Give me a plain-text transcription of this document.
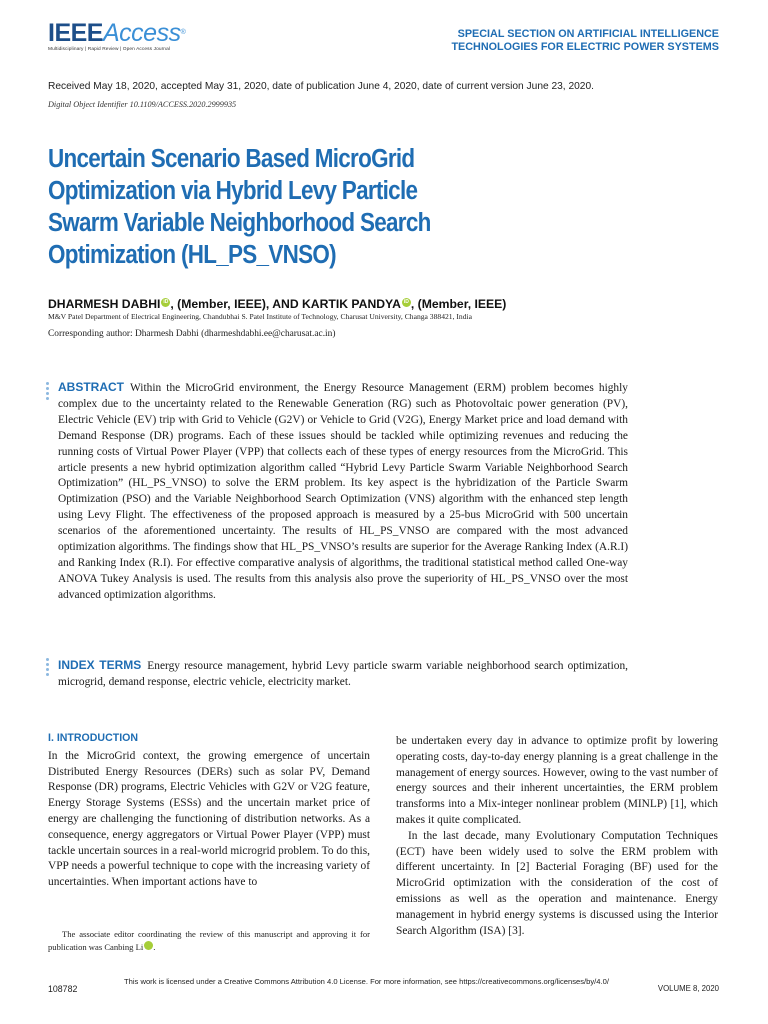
IEEEAccess®
Multidisciplinary | Rapid Review | Open Access Journal
SPECIAL SECTION ON ARTIFICIAL INTELLIGENCE
TECHNOLOGIES FOR ELECTRIC POWER SYSTEMS
Received May 18, 2020, accepted May 31, 2020, date of publication June 4, 2020, date of current version June 23, 2020.
Digital Object Identifier 10.1109/ACCESS.2020.2999935
Uncertain Scenario Based MicroGrid
Optimization via Hybrid Levy Particle
Swarm Variable Neighborhood Search
Optimization (HL_PS_VNSO)
DHARMESH DABHI iD , (Member, IEEE), AND KARTIK PANDYA iD , (Member, IEEE)
M&V Patel Department of Electrical Engineering, Chandubhai S. Patel Institute of Technology, Charusat University, Changa 388421, India
Corresponding author: Dharmesh Dabhi (dharmeshdabhi.ee@charusat.ac.in)

ABSTRACT Within the MicroGrid environment, the Energy Resource Management (ERM) problem becomes highly complex due to the uncertainty related to the Renewable Generation (RG) such as Photovoltaic power generation (PV), Electric Vehicle (EV) trip with Grid to Vehicle (G2V) or Vehicle to Grid (V2G), Energy Market price and load demand with Demand Response (DR) programs. Each of these issues should be tackled while optimizing revenues and reducing the running costs of Virtual Power Player (VPP) that collects each of these types of energy resources from the MicroGrid. This article presents a new hybrid optimization algorithm called “Hybrid Levy Particle Swarm Variable Neighborhood Search Optimization” (HL_PS_VNSO) to solve the ERM problem. Its key aspect is the hybridization of the Particle Swarm Optimization (PSO) and the Variable Neighborhood Search Optimization (VNS) algorithm with the enhanced step length using Levy Flight. The effectiveness of the proposed approach is measured by a 25-bus MicroGrid with 500 uncertain scenarios of the aforementioned uncertainty. The results of HL_PS_VNSO are compared with the most advanced optimization algorithms. The findings show that HL_PS_VNSO’s results are superior for the Average Ranking Index (A.R.I) and Ranking Index (R.I). For effective comparative analysis of algorithms, the traditional statistical method called One-way ANOVA Tukey Analysis is used. The results from this analysis also prove the superiority of HL_PS_VNSO over the most advanced optimization algorithms.

INDEX TERMS Energy resource management, hybrid Levy particle swarm variable neighborhood search optimization, microgrid, demand response, electric vehicle, electricity market.

I. INTRODUCTION

In the MicroGrid context, the growing emergence of uncertain Distributed Energy Resources (DERs) such as solar PV, Demand Response (DR) programs, Electric Vehicles with G2V or V2G feature, Energy Storage Systems (ESSs) and the uncertain market price of energy are challenging the functioning of distribution networks. As a consequence, energy aggregators or Virtual Power Player (VPP) must tackle uncertain sources in a real-world microgrid problem. To do this, VPP needs a powerful technique to cope with the increasing variety of uncertainties. When important actions have to

be undertaken every day in advance to optimize profit by lowering operating costs, day-to-day energy planning is a great challenge in the management of energy sources. However, owing to the vast number of energy sources and their inherent uncertainties, the ERM problem transforms into a Mix-integer nonlinear problem (MINLP) [1], which makes it quite complicated.

In the last decade, many Evolutionary Computation Techniques (ECT) have been widely used to solve the ERM problem with different uncertainty. In [2] Bacterial Foraging (BF) used for the MicroGrid optimization with the consideration of the cost of emissions as well as the operation and maintenance. Energy management in hybrid energy systems is discussed using the Interior Search Algorithm (ISA) [3].

The associate editor coordinating the review of this manuscript and approving it for publication was Canbing Li	iD.

108782
This work is licensed under a Creative Commons Attribution 4.0 License. For more information, see https://creativecommons.org/licenses/by/4.0/
VOLUME 8, 2020
